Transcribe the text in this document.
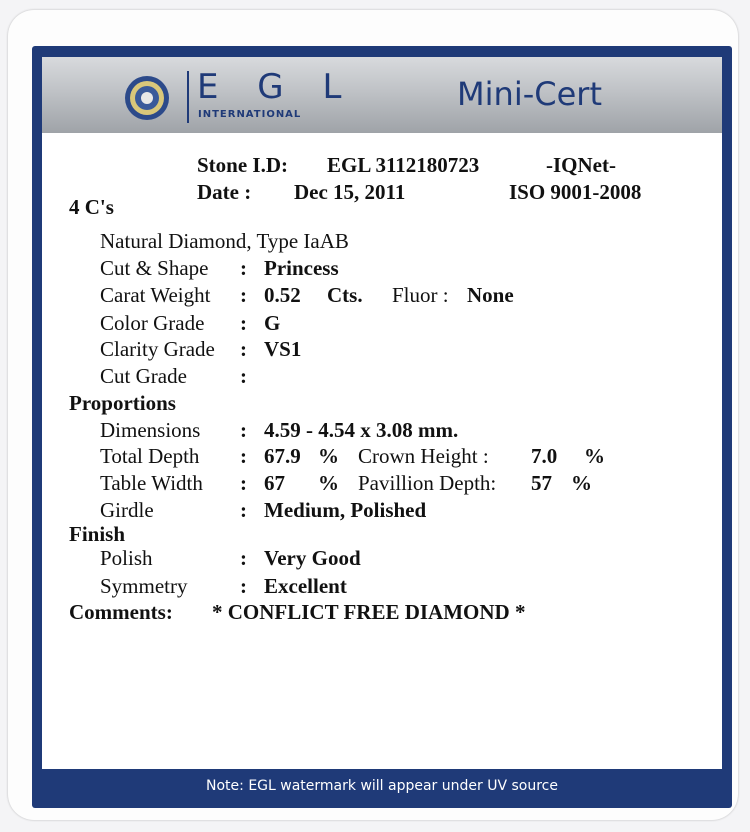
E G L
INTERNATIONAL
Mini-Cert
Stone I.D: EGL 3112180723	-IQNet-
Date : Dec 15, 2011	ISO 9001-2008
4 C's
Natural Diamond, Type IaAB
Cut & Shape : Princess
Carat Weight : 0.52 Cts. Fluor : None
Color Grade : G
Clarity Grade : VS1
Cut Grade	:
Proportions
Dimensions : 4.59 - 4.54 x 3.08 mm.
Total Depth : 67.9 % Crown Height : 7.0 %
Table Width : 67 % Pavillion Depth: 57 %
Girdle	: Medium, Polished
Finish
Polish	: Very Good
Symmetry	: Excellent
Comments: * CONFLICT FREE DIAMOND *
Note: EGL watermark will appear under UV source
